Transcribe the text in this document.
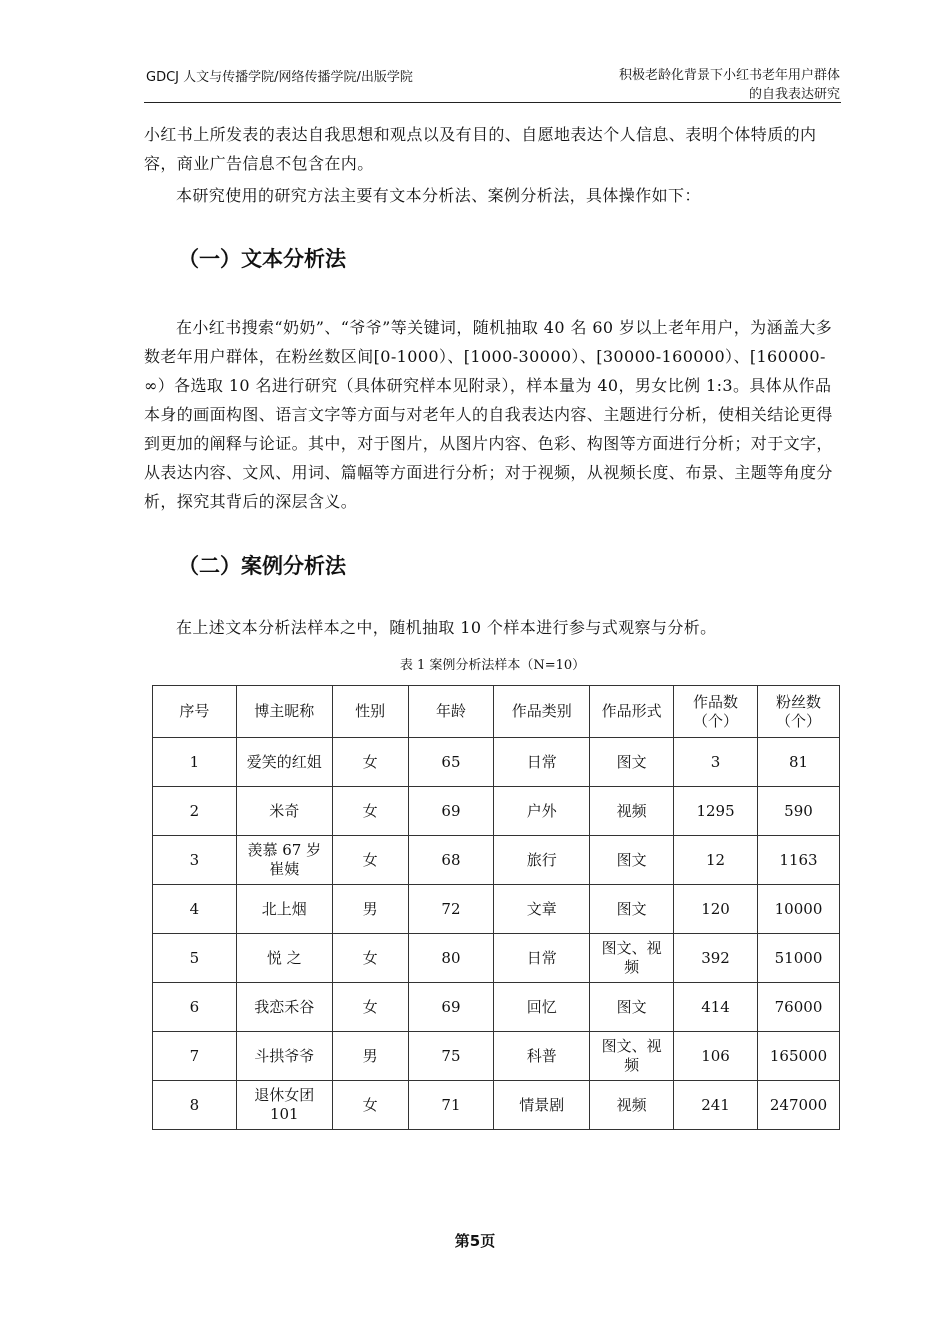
GDCJ 人文与传播学院/网络传播学院/出版学院	积极老龄化背景下小红书老年用户群体
的自我表达研究

小红书上所发表的表达自我思想和观点以及有目的、自愿地表达个人信息、表明个体特质的内容，商业广告信息不包含在内。

本研究使用的研究方法主要有文本分析法、案例分析法，具体操作如下：

（一）文本分析法

在小红书搜索“奶奶”、“爷爷”等关键词，随机抽取 40 名 60 岁以上老年用户，为涵盖大多数老年用户群体，在粉丝数区间[0-1000）、[1000-30000）、[30000-160000）、[160000-∞）各选取 10 名进行研究（具体研究样本见附录），样本量为 40，男女比例 1:3。具体从作品本身的画面构图、语言文字等方面与对老年人的自我表达内容、主题进行分析，使相关结论更得到更加的阐释与论证。其中，对于图片，从图片内容、色彩、构图等方面进行分析；对于文字，从表达内容、文风、用词、篇幅等方面进行分析；对于视频，从视频长度、布景、主题等角度分析，探究其背后的深层含义。

（二）案例分析法

在上述文本分析法样本之中，随机抽取 10 个样本进行参与式观察与分析。

表 1 案例分析法样本（N=10）

序号	博主昵称	性别	年龄	作品类别	作品形式	作品数（个）	粉丝数（个）
1	爱笑的红姐	女	65	日常	图文	3	81
2	米奇	女	69	户外	视频	1295	590
3	羡慕 67 岁崔姨	女	68	旅行	图文	12	1163
4	北上烟	男	72	文章	图文	120	10000
5	悦 之	女	80	日常	图文、视频	392	51000
6	我恋禾谷	女	69	回忆	图文	414	76000
7	斗拱爷爷	男	75	科普	图文、视频	106	165000
8	退休女团 101	女	71	情景剧	视频	241	247000
第5页
